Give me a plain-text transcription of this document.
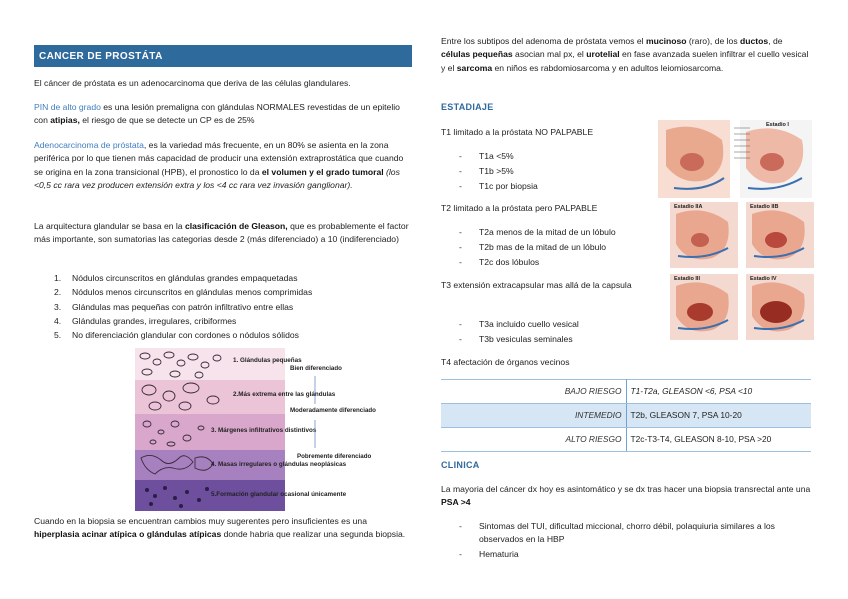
CANCER DE PROSTÁTA
El cáncer de próstata es un adenocarcinoma que deriva de las células glandulares.
PIN de alto grado es una lesión premaligna con glándulas NORMALES revestidas de un epitelio con atipias, el riesgo de que se detecte un CP es de 25%
Adenocarcinoma de próstata, es la variedad más frecuente, en un 80% se asienta en la zona periférica por lo que tienen más capacidad de producir una extensión extraprostática que cuando se origina en la zona transicional (HPB), el pronostico lo da el volumen y el grado tumoral (los <0,5 cc rara vez producen extensión extra y los <4 cc rara vez invasión ganglionar).
La arquitectura glandular se basa en la clasificación de Gleason, que es probablemente el factor más importante, son sumatorias las categorias desde 2 (más diferenciado) a 10 (indiferenciado)
1.	Nódulos circunscritos en glándulas grandes empaquetadas
2.	Nódulos menos circunscritos en glándulas menos comprimidas
3.	Glándulas mas pequeñas con patrón infiltrativo entre ellas
4.	Glándulas grandes, irregulares, cribiformes
5.	No diferenciación glandular con cordones o nódulos sólidos
1. Glándulas pequeñas
2.Más extrema entre las glándulas
3. Márgenes infiltrativos distintivos
4. Masas irregulares o glándulas neoplásicas
5.Formación glandular ocasional únicamente
Bien diferenciado
Moderadamente diferenciado
Pobremente diferenciado
Cuando en la biopsia se encuentran cambios muy sugerentes pero insuficientes es una hiperplasia acinar atípica o glándulas atípicas donde habria que realizar una segunda biopsia.
Entre los subtipos del adenoma de próstata vemos el mucinoso (raro), de los ductos, de células pequeñas asocian mal px, el urotelial en fase avanzada suelen infiltrar el cuello vesical y el sarcoma en niños es rabdomiosarcoma y en adultos leiomiosarcoma.
ESTADIAJE
T1 limitado a la próstata NO PALPABLE
-	T1a <5%
-	T1b >5%
-	T1c por biopsia
T2 limitado a la próstata pero PALPABLE
-	T2a menos de la mitad de un lóbulo
-	T2b mas de la mitad de un lóbulo
-	T2c dos lóbulos
T3 extensión extracapsular mas allá de la capsula
-	T3a incluido cuello vesical
-	T3b vesiculas seminales
T4 afectación de órganos vecinos
Estadio I
Estadio IIA	Estadio IIB
Estadio III	Estadio IV
BAJO RIESGO	T1-T2a, GLEASON <6, PSA <10
INTEMEDIO	T2b, GLEASON 7, PSA 10-20
ALTO RIESGO	T2c-T3-T4, GLEASON 8-10, PSA >20
CLINICA
La mayoria del cáncer dx hoy es asintomático y se dx tras hacer una biopsia transrectal ante una PSA >4
-	Sintomas del TUI, dificultad miccional, chorro débil, polaquiuria similares a los observados en la HBP
-	Hematuria
